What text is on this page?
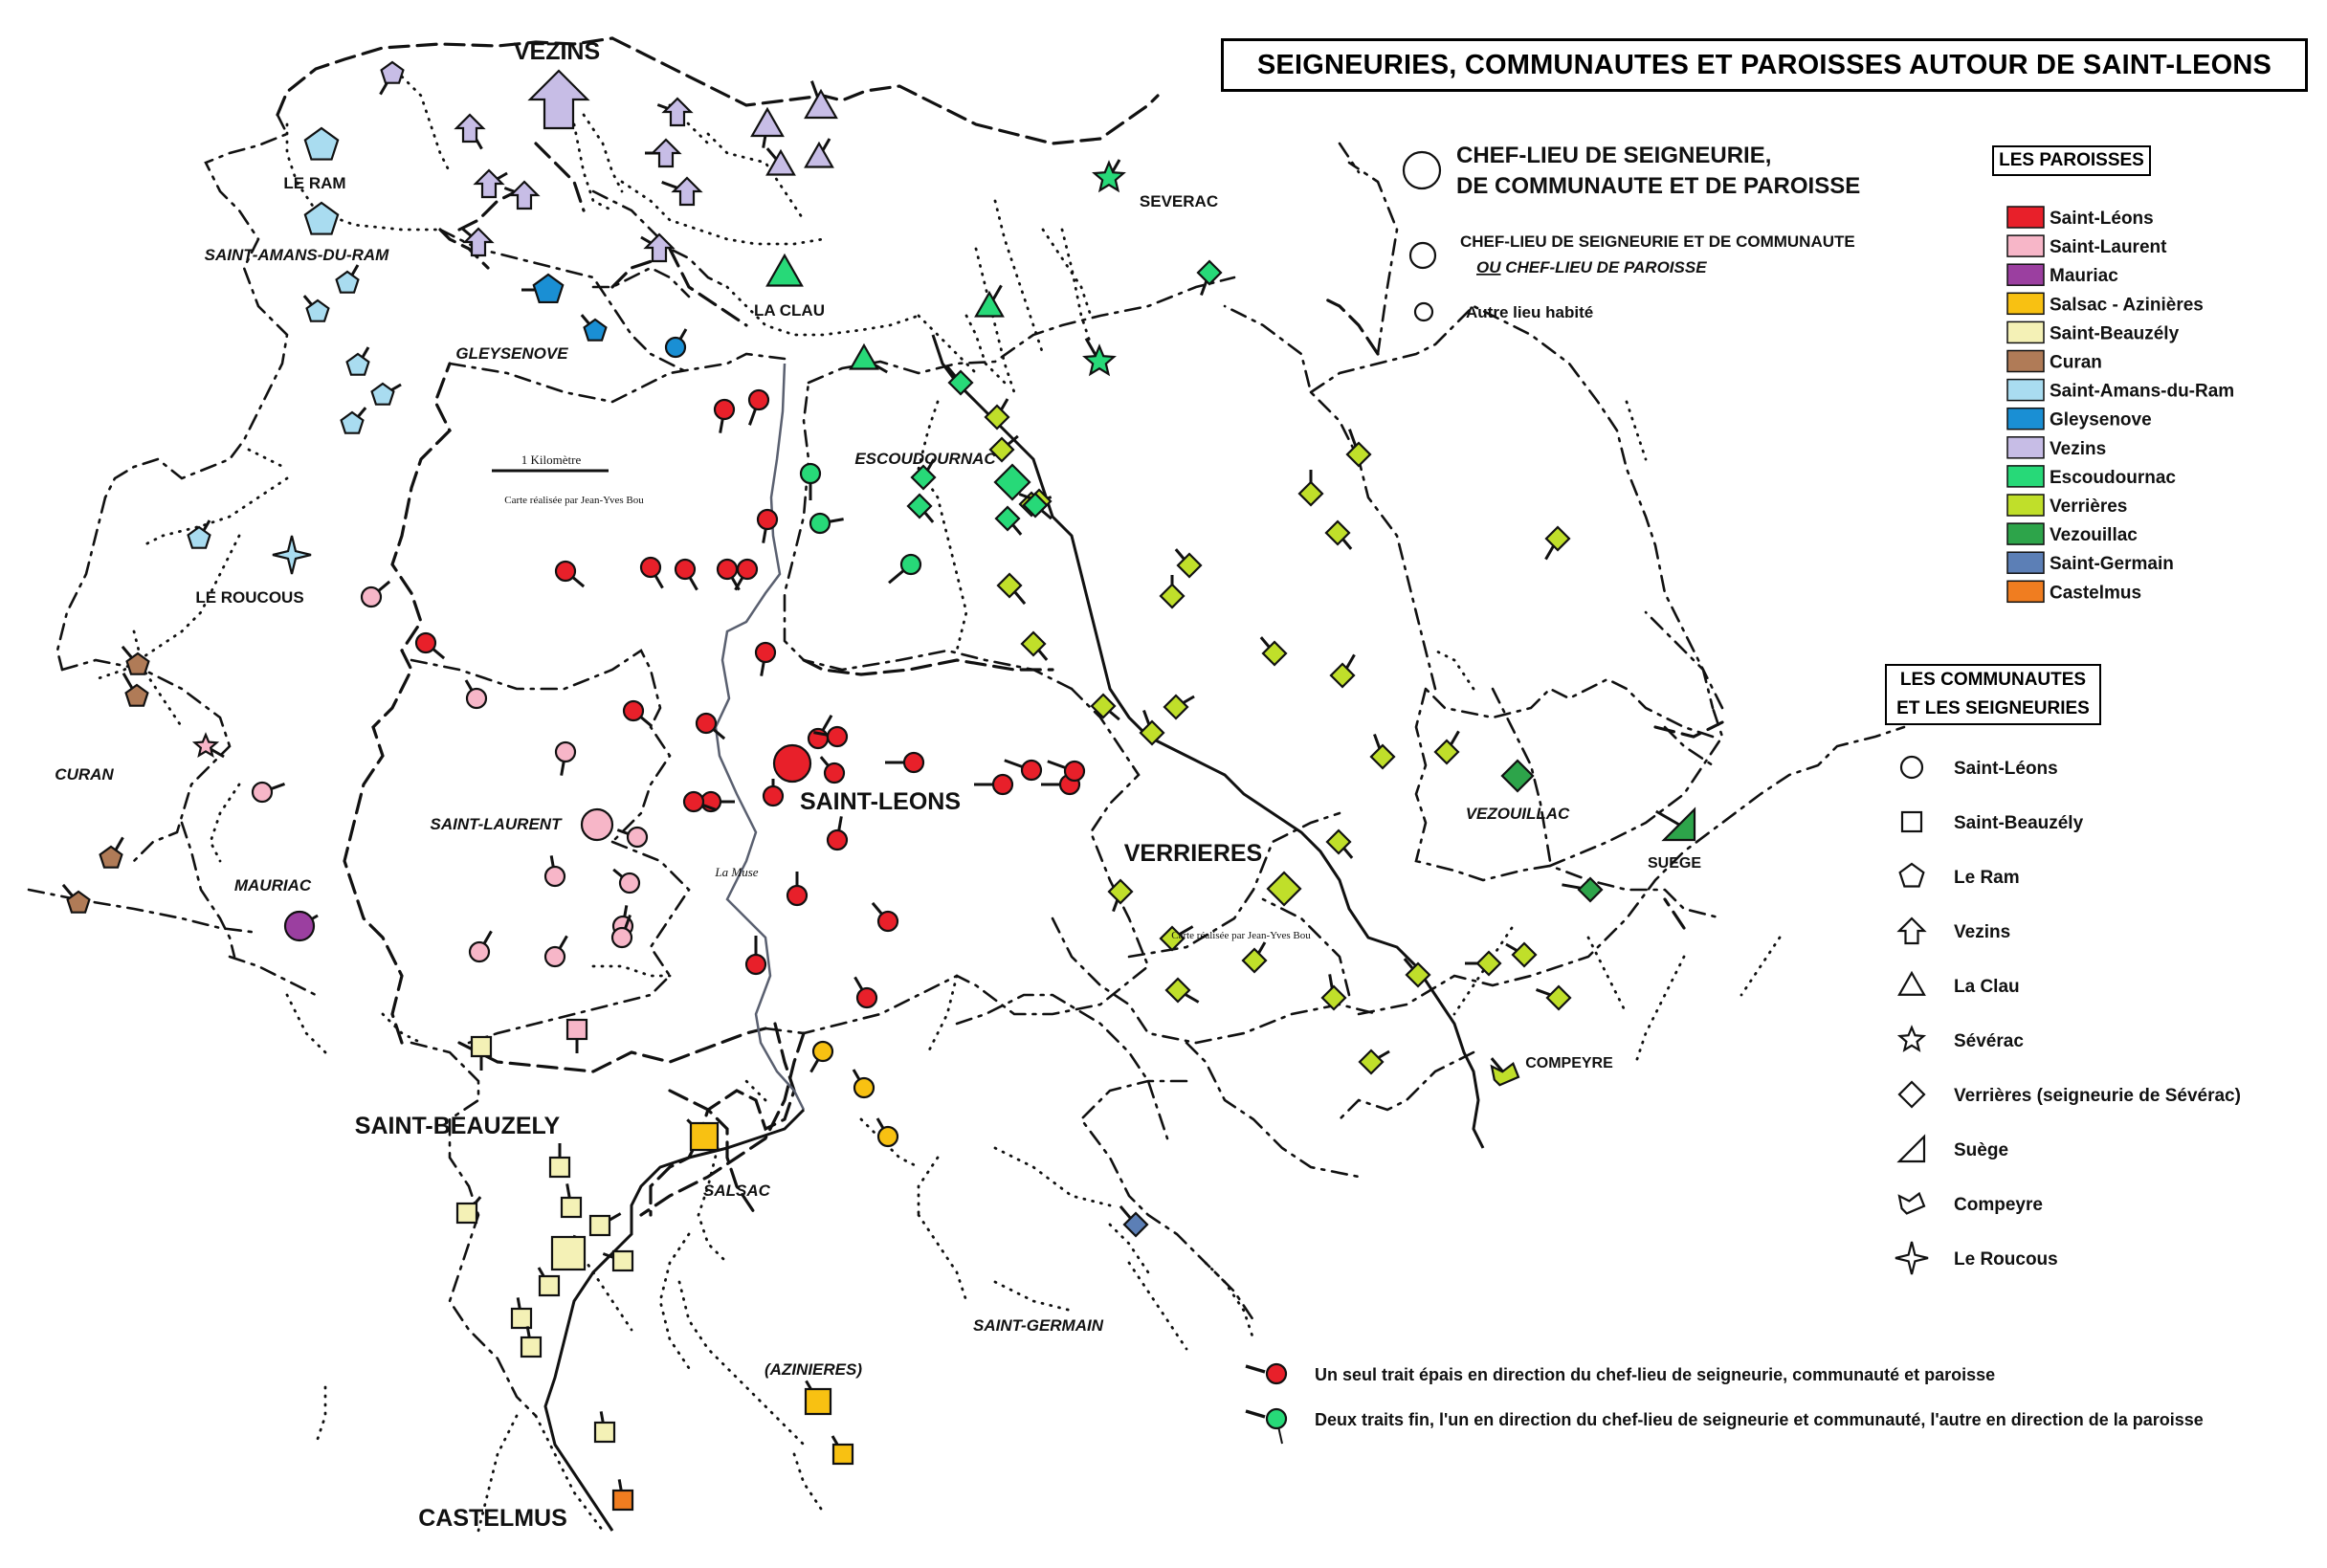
VEZINS
LE RAM
SAINT-AMANS-DU-RAM
GLEYSENOVE
LA CLAU
SEVERAC
ESCOUDOURNAC
LE ROUCOUS
CURAN
SAINT-LAURENT
MAURIAC
SAINT-LEONS
VERRIERES
VEZOUILLAC
SUEGE
COMPEYRE
SAINT-BEAUZELY
SALSAC
(AZINIERES)
SAINT-GERMAIN
CASTELMUS
1 Kilomètre
Carte réalisée par Jean-Yves Bou
Carte réalisée par Jean-Yves Bou
La Muse
CHEF-LIEU DE SEIGNEURIE,
DE COMMUNAUTE ET DE PAROISSE
CHEF-LIEU DE SEIGNEURIE ET DE COMMUNAUTE
OU CHEF-LIEU DE PAROISSE
Autre lieu habité
Saint-Léons
Saint-Laurent
Mauriac
Salsac - Azinières
Saint-Beauzély
Curan
Saint-Amans-du-Ram
Gleysenove
Vezins
Escoudournac
Verrières
Vezouillac
Saint-Germain
Castelmus
Saint-Léons
Saint-Beauzély
Le Ram
Vezins
La Clau
Sévérac
Verrières (seigneurie de Sévérac)
Suège
Compeyre
Le Roucous
Un seul trait épais en direction du chef-lieu de seigneurie, communauté et paroisse
Deux traits fin, l'un en direction du chef-lieu de seigneurie et communauté, l'autre en direction de la paroisse
SEIGNEURIES, COMMUNAUTES ET PAROISSES AUTOUR DE SAINT-LEONS
LES PAROISSES
LES COMMUNAUTES
ET LES SEIGNEURIES
